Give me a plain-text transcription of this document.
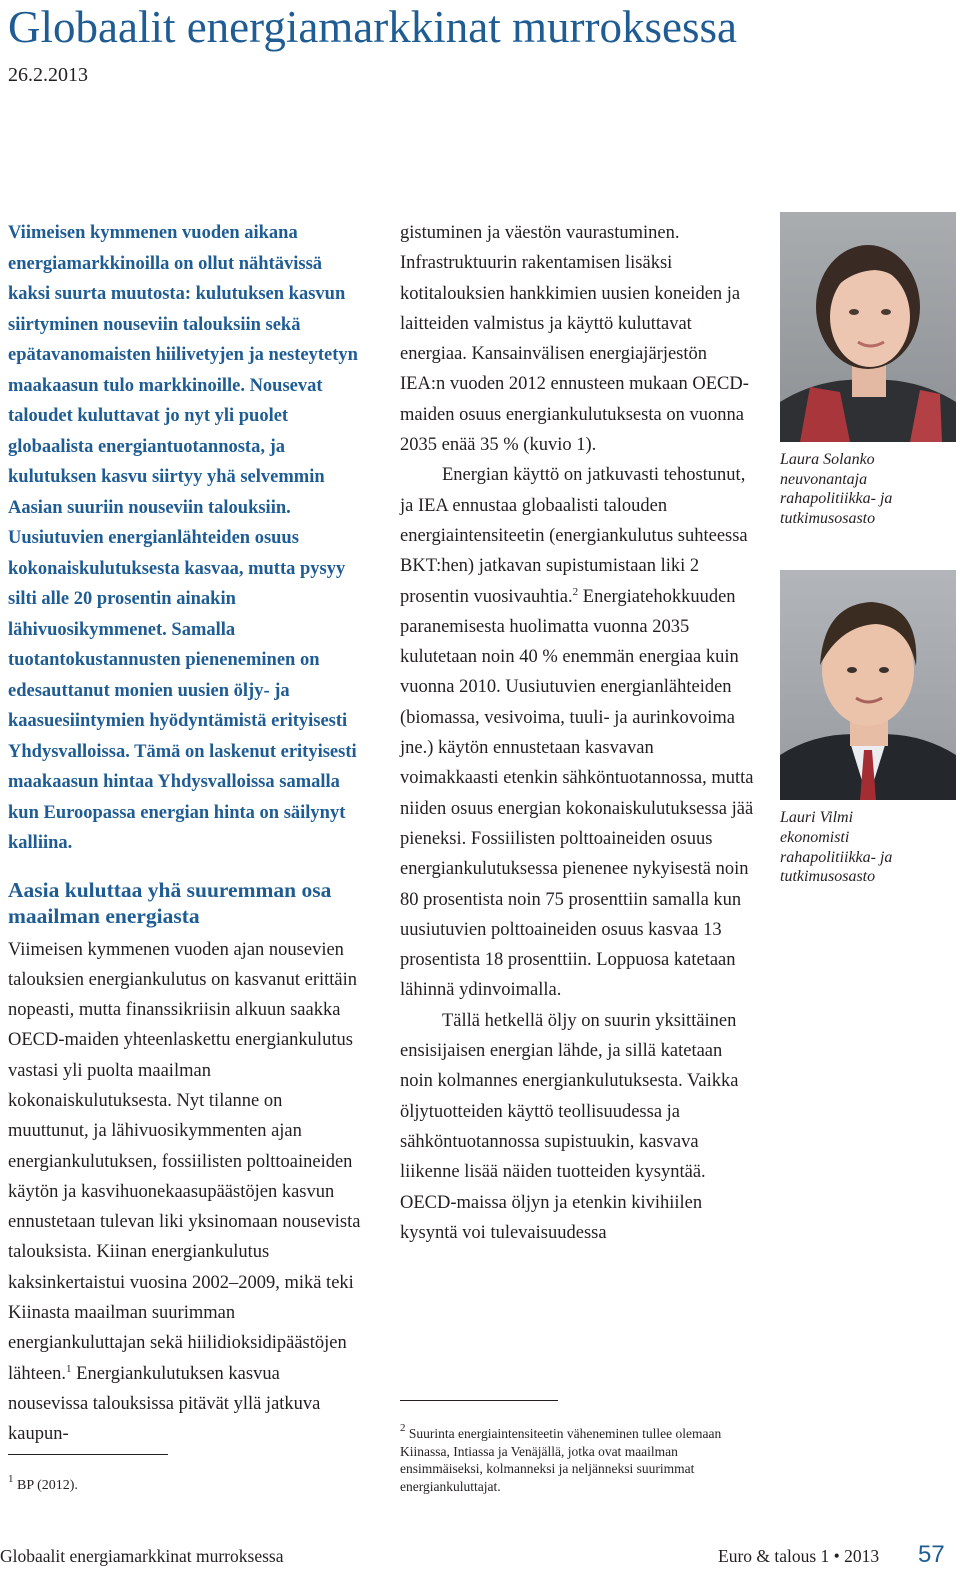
Globaalit energiamarkkinat murroksessa
26.2.2013

Viimeisen kymmenen vuoden aikana energiamarkkinoilla on ollut nähtävissä kaksi suurta muutosta: kulutuksen kasvun siirtyminen nouseviin talouksiin sekä epätavanomaisten hiilivetyjen ja nesteytetyn maakaasun tulo markkinoille. Nousevat taloudet kuluttavat jo nyt yli puolet globaalista energiantuotannosta, ja kulutuksen kasvu siirtyy yhä selvemmin Aasian suuriin nouseviin talouksiin. Uusiutuvien energianlähteiden osuus kokonaiskulutuksesta kasvaa, mutta pysyy silti alle 20 prosentin ainakin lähivuosikymmenet. Samalla tuotantokustannusten pieneneminen on edesauttanut monien uusien öljy- ja kaasuesiintymien hyödyntämistä erityisesti Yhdysvalloissa. Tämä on laskenut erityisesti maakaasun hintaa Yhdysvalloissa samalla kun Euroopassa energian hinta on säilynyt kalliina.

Aasia kuluttaa yhä suuremman osa maailman energiasta

Viimeisen kymmenen vuoden ajan nousevien talouksien energiankulutus on kasvanut erittäin nopeasti, mutta finanssikriisin alkuun saakka OECD-maiden yhteenlaskettu energiankulutus vastasi yli puolta maailman kokonaiskulutuksesta. Nyt tilanne on muuttunut, ja lähivuosikymmenten ajan energiankulutuksen, fossiilisten polttoaineiden käytön ja kasvihuonekaasupäästöjen kasvun ennustetaan tulevan liki yksinomaan nousevista talouksista. Kiinan energiankulutus kaksinkertaistui vuosina 2002–2009, mikä teki Kiinasta maailman suurimman energiankuluttajan sekä hiilidioksidipäästöjen lähteen.$^1$ Energiankulutuksen kasvua nousevissa talouksissa pitävät yllä jatkuva kaupun-

$^1$ BP (2012).

gistuminen ja väestön vaurastuminen. Infrastruktuurin rakentamisen lisäksi kotitalouksien hankkimien uusien koneiden ja laitteiden valmistus ja käyttö kuluttavat energiaa. Kansainvälisen energiajärjestön IEA:n vuoden 2012 ennusteen mukaan OECD-maiden osuus energiankulutuksesta on vuonna 2035 enää 35 % (kuvio 1).

Energian käyttö on jatkuvasti tehostunut, ja IEA ennustaa globaalisti talouden energiaintensiteetin (energiankulutus suhteessa BKT:hen) jatkavan supistumistaan liki 2 prosentin vuosivauhtia.$^2$ Energiatehokkuuden paranemisesta huolimatta vuonna 2035 kulutetaan noin 40 % enemmän energiaa kuin vuonna 2010. Uusiutuvien energianlähteiden (biomassa, vesivoima, tuuli- ja aurinkovoima jne.) käytön ennustetaan kasvavan voimakkaasti etenkin sähköntuotannossa, mutta niiden osuus energian kokonaiskulutuksessa jää pieneksi. Fossiilisten polttoaineiden osuus energiankulutuksessa pienenee nykyisestä noin 80 prosentista noin 75 prosenttiin samalla kun uusiutuvien polttoaineiden osuus kasvaa 13 prosentista 18 prosenttiin. Loppuosa katetaan lähinnä ydinvoimalla.

Tällä hetkellä öljy on suurin yksittäinen ensisijaisen energian lähde, ja sillä katetaan noin kolmannes energiankulutuksesta. Vaikka öljytuotteiden käyttö teollisuudessa ja sähköntuotannossa supistuukin, kasvava liikenne lisää näiden tuotteiden kysyntää. OECD-maissa öljyn ja etenkin kivihiilen kysyntä voi tulevaisuudessa

$^2$ Suurinta energiaintensiteetin väheneminen tullee olemaan Kiinassa, Intiassa ja Venäjällä, jotka ovat maailman ensimmäiseksi, kolmanneksi ja neljänneksi suurimmat energiankuluttajat.

Laura Solanko
neuvonantaja
rahapolitiikka- ja tutkimusosasto

Lauri Vilmi
ekonomisti
rahapolitiikka- ja tutkimusosasto

Globaalit energiamarkkinat murroksessa	Euro & talous 1 • 2013 57
